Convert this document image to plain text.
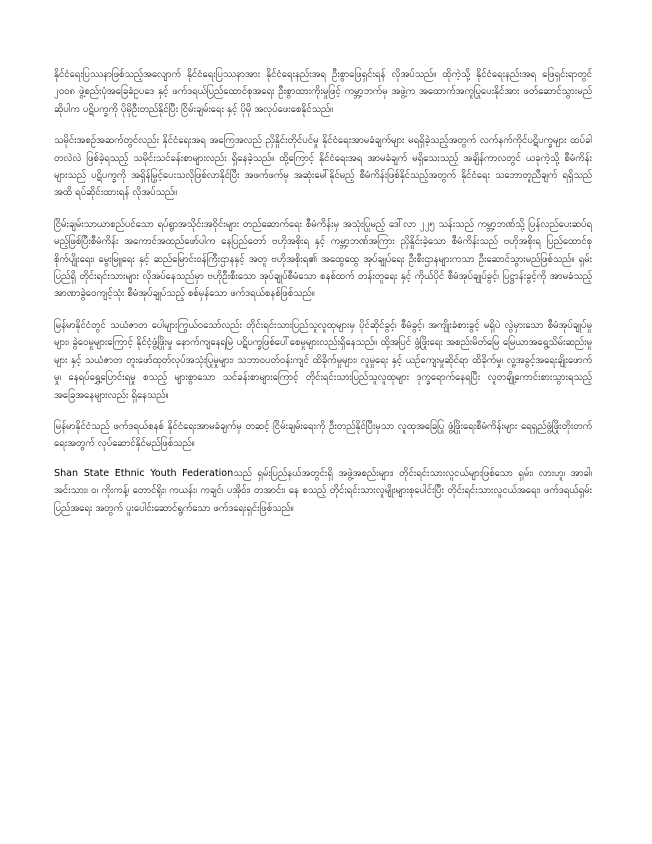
နိုင်ငံရေးပြဿနာဖြစ်သည့်အလျောက် နိုင်ငံရေးပြဿနာအား နိုင်ငံရေးနည်းအရ ဦးစွာဖြေရှင်းရန် လိုအပ်သည်။ ထိုကဲ့သို့ နိုင်ငံရေးနည်းအရ ဖြေရှင်းရာတွင် ၂၀၀၈ ဖွဲ့စည်းပုံအခြေခံဥပဒေ နှင့် ဖက်ဒရယ်ပြည်ထောင်စုအရေး ဦးစွာထားကိုးမှုဖြင့် ကမ္ဘာ့ဘက်မှ အဖွဲ့က အထောက်အကူပြုပေးနိုင်အား ဖတ်ဆောင်သွားမည်ဆိုပါက ပဋိပက္ခကို ပိုမိုဦးတည်နိုင်ပြီး ငြိမ်းချမ်းရေး နှင့် ပိုမို အလုပ်ဖေးစေနိုင်သည်။

သမိုင်းအစဉ်အဆက်တွင်လည်း နိုင်ငံရေးအရ အကြေအလည် ညှိနှိုင်းတိုင်ပင်မှု နိုင်ငံရေးအာမခံချက်များ မရရှိခဲ့သည့်အတွက် လက်နက်ကိုင်ပဋိပက္ခများ ထပ်ခါတလဲလဲ ဖြစ်ခဲ့ရသည့် သမိုင်းသင်ခန်းစာများလည်း ရှိနေခဲ့သည်။ ထို့ကြောင့် နိုင်ငံရေးအရ အာမခံချက် မရှိသေးသည့် အချိန်ကာလတွင် ယခုကဲ့သို့ စီမံကိန်းများသည် ပဋိပက္ခကို အရှိန်မြှင့်ပေးသလိုဖြစ်လာနိုင်ပြီး အဖက်ဖက်မှ အဆုံးမေါ်နိုင်မည့် စီမံကိန်းဖြစ်နိုင်သည့်အတွက် နိုင်ငံရေး သဘောတူညီချက် ရရှိသည်အထိ ရပ်ဆိုင်းထားရန် လိုအပ်သည်။

ငြိမ်းချမ်းသာယာစည်ပင်သော ရပ်ရွာအသိုင်းအဝိုင်းများ တည်ဆောက်ရေး စီမံကိန်းမှ အသုံးပြုမည့် ဒေါ်လာ ၂၂၅ သန်းသည် ကမ္ဘာ့ဘဏ်သို့ ပြန်လည်ပေးဆပ်ရမည့်ဖြစ်ပြီးစီမံကိန်း အကောင်အထည်ဖော်ပါက နေပြည်တော် ဗဟိုအစိုးရ နှင့် ကမ္ဘာ့ဘဏ်အကြား ညှိနှိုင်းခဲ့သော စီမံကိန်းသည် ဗဟိုအစိုးရ ပြည်ထောင်စု စိုက်ပျိုးရေး၊ မွေးမြူရေး နှင့် ဆည်မြောင်းဝန်ကြီးဌာနနှင့် အတူ ဗဟိုအစိုးရ၏ အထွေထွေ အုပ်ချုပ်ရေး ဦးစီးဌာနများကသာ ဦးဆောင်သွားမည်ဖြစ်သည်။ ရှမ်းပြည်ရှိ တိုင်းရင်းသားများ လိုအပ်နေသည်မှာ ဗဟိုဦးစီးသော အုပ်ချုပ်စီမံသော စနစ်ထက် တန်းတူရေး နှင့် ကိုယ်ပိုင် စီမံအုပ်ချုပ်ခွင့်၊ ပြဋ္ဌာန်းခွင့်ကို အာမခံသည့် အာဏာခွဲဝေကျင့်သုံး စီမံအုပ်ချုပ်သည့် စစ်မှန်သော ဖက်ဒရယ်စနစ်ဖြစ်သည်။

မြန်မာနိုင်ငံတွင် သယံဇာတ ပေါများကြွယ်ဝသော်လည်း တိုင်းရင်းသားပြည်သူလူထုများမှ ပိုင်ဆိုင်ခွင့်၊ စီမံခွင့်၊ အကျိုးခံစားခွင့် မရှိပဲ လွဲမှားသော စီမံအုပ်ချုပ်မှုများ၊ ခွဲဝေမှုများကြောင့် နိုင်ငံ့ဖွံ့ဖြိုးမှု နောက်ကျနေရမြဲ ပဋိပက္ခဖြစ်ပေါ်စေမှုများလည်းရှိနေသည်။ ထို့အပြင် ဖွံ့ဖြိုးရေး အစည်းမိတ်မြေ မြေယာအရွေ့သိမ်းဆည်းမှုများ နှင့် သယံဇာတ တူးဖော်ထုတ်လုပ်အသုံးပြုမှုများ၊ သဘာဝပတ်ဝန်းကျင် ထိခိုက်မှုများ၊ လူမှုရေး နှင့် ယဉ်ကျေးမှုဆိုင်ရာ ထိခိုက်မှု၊ လူ့အခွင့်အရေးချိုးဖောက်မှု၊ နေရပ်ရွှေ့ပြောင်းရမှု စသည့် များစွာသော သင်ခန်းစာများကြောင့် တိုင်းရင်းသားပြည်သူလူထုများ ဒုက္ခရောက်နေရပြီး လူတချို့ကောင်းစားသွားရသည့် အခြေအနေများလည်း ရှိနေသည်။

မြန်မာနိုင်ငံသည် ဖက်ဒရယ်စနစ် နိုင်ငံရေးအာမခံချက်မှ တဆင့် ငြိမ်းချမ်းရေးကို ဦးတည်နိုင်ပြီးမှသာ လူထုအခြေပြု ဖွံ့ဖြိုးရေးစီမံကိန်းများ ရေရှည်ဖွံ့ဖြိုးတိုးတက်ရေးအတွက် လုပ်ဆောင်နိုင်မည်ဖြစ်သည်။

Shan State Ethnic Youth Federationသည် ရှမ်းပြည်နယ်အတွင်းရှိ အဖွဲ့အစည်းများ၊ တိုင်းရင်းသားလူငယ်များဖြစ်သော ရှမ်း၊ လားဟူ၊ အာခါ၊ အင်းသား၊ ဝ၊ ကိုးကန့်၊ တောင်ရိုး၊ ကယန်း၊ ကချင်၊ ပအိုဝ်း၊ တအာင်း၊ နေ စသည့် တိုင်းရင်းသားလူမျိုးများစုပေါင်းပြီး တိုင်းရင်းသားလူငယ်အရေး၊ ဖက်ဒရယ်ရှမ်းပြည်အရေး အတွက် ပူးပေါင်းဆောင်ရွက်သော ဖက်ဒရေးရှင်းဖြစ်သည်။
